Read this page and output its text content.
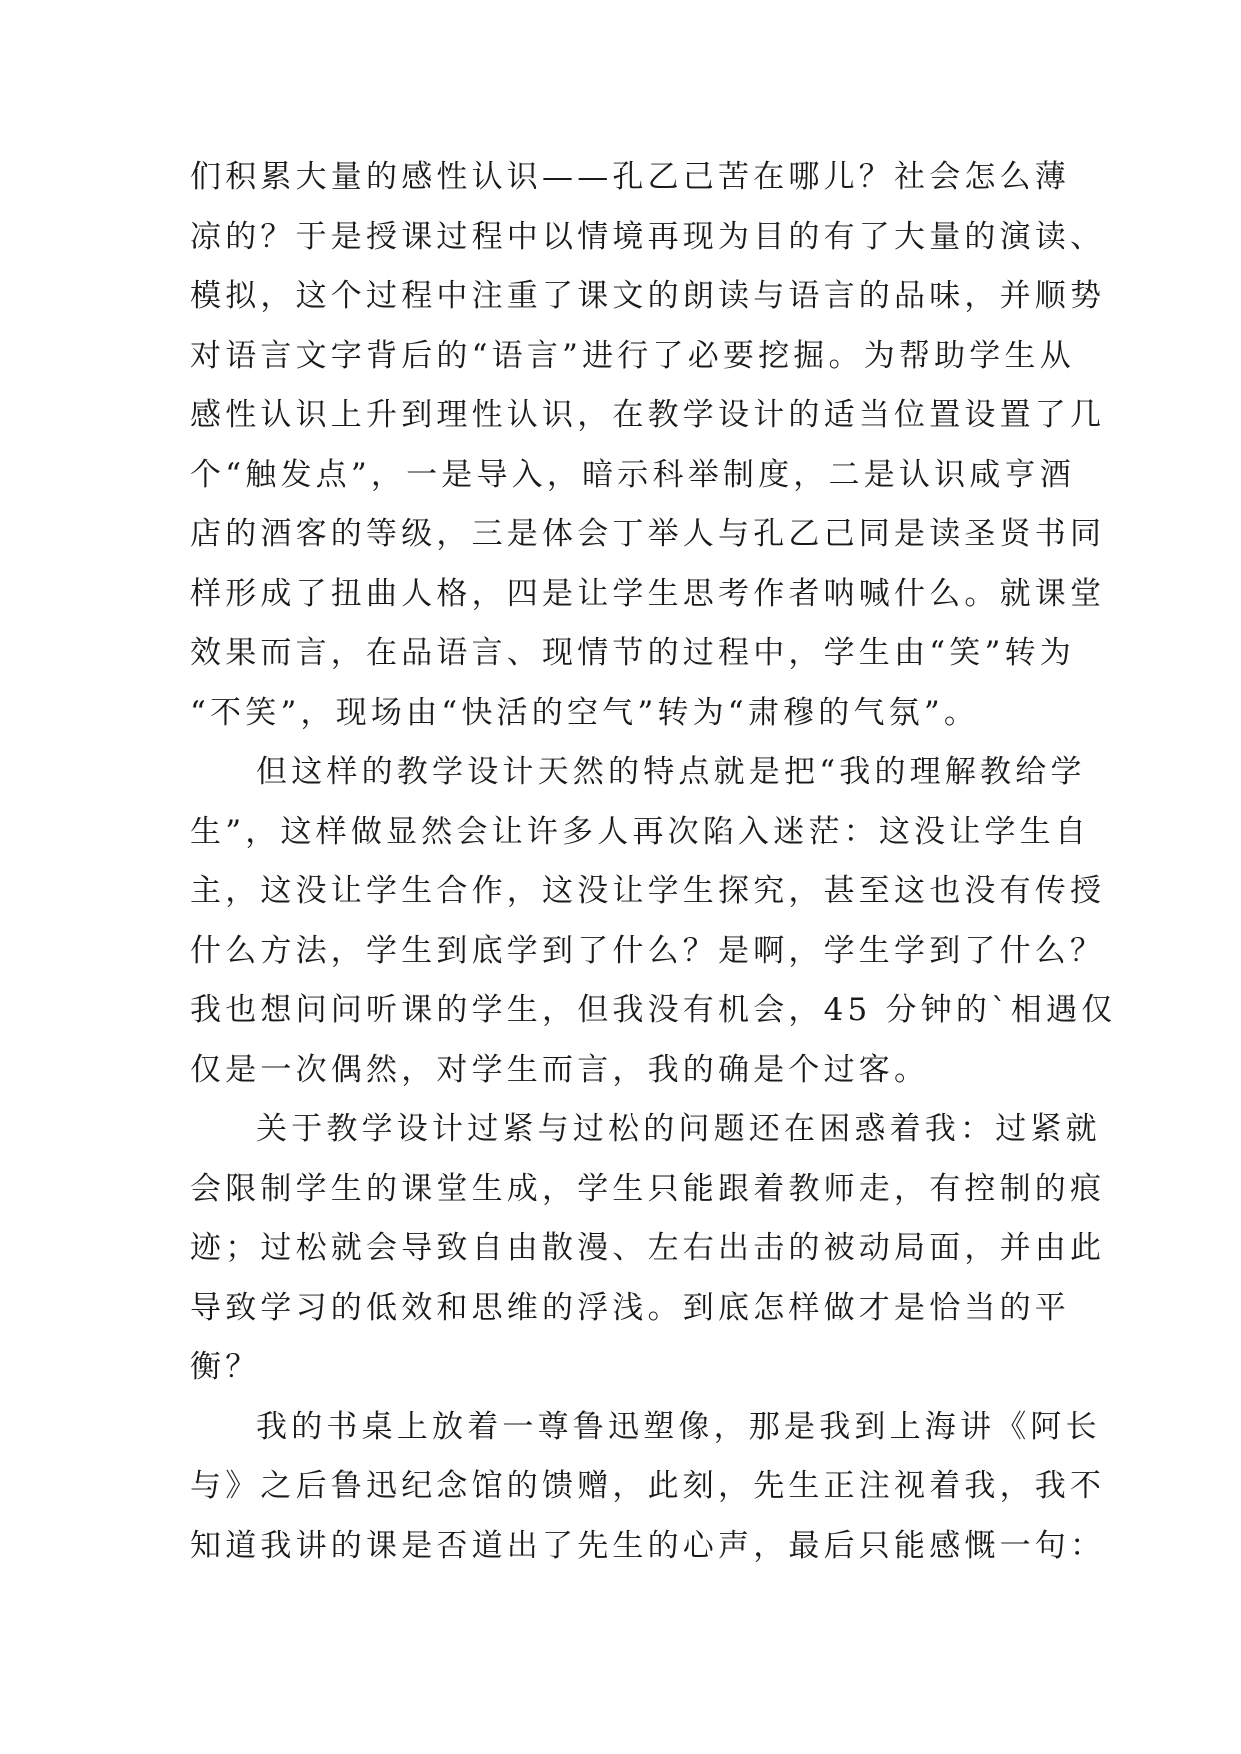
们积累大量的感性认识——孔乙己苦在哪儿？社会怎么薄
凉的？于是授课过程中以情境再现为目的有了大量的演读、
模拟，这个过程中注重了课文的朗读与语言的品味，并顺势
对语言文字背后的“语言”进行了必要挖掘。为帮助学生从
感性认识上升到理性认识，在教学设计的适当位置设置了几
个“触发点”，一是导入，暗示科举制度，二是认识咸亨酒
店的酒客的等级，三是体会丁举人与孔乙己同是读圣贤书同
样形成了扭曲人格，四是让学生思考作者呐喊什么。就课堂
效果而言，在品语言、现情节的过程中，学生由“笑”转为
“不笑”，现场由“快活的空气”转为“肃穆的气氛”。
但这样的教学设计天然的特点就是把“我的理解教给学
生”，这样做显然会让许多人再次陷入迷茫：这没让学生自
主，这没让学生合作，这没让学生探究，甚至这也没有传授
什么方法，学生到底学到了什么？是啊，学生学到了什么？
我也想问问听课的学生，但我没有机会，45 分钟的`相遇仅
仅是一次偶然，对学生而言，我的确是个过客。
关于教学设计过紧与过松的问题还在困惑着我：过紧就
会限制学生的课堂生成，学生只能跟着教师走，有控制的痕
迹；过松就会导致自由散漫、左右出击的被动局面，并由此
导致学习的低效和思维的浮浅。到底怎样做才是恰当的平
衡？
我的书桌上放着一尊鲁迅塑像，那是我到上海讲《阿长
与》之后鲁迅纪念馆的馈赠，此刻，先生正注视着我，我不
知道我讲的课是否道出了先生的心声，最后只能感慨一句：
